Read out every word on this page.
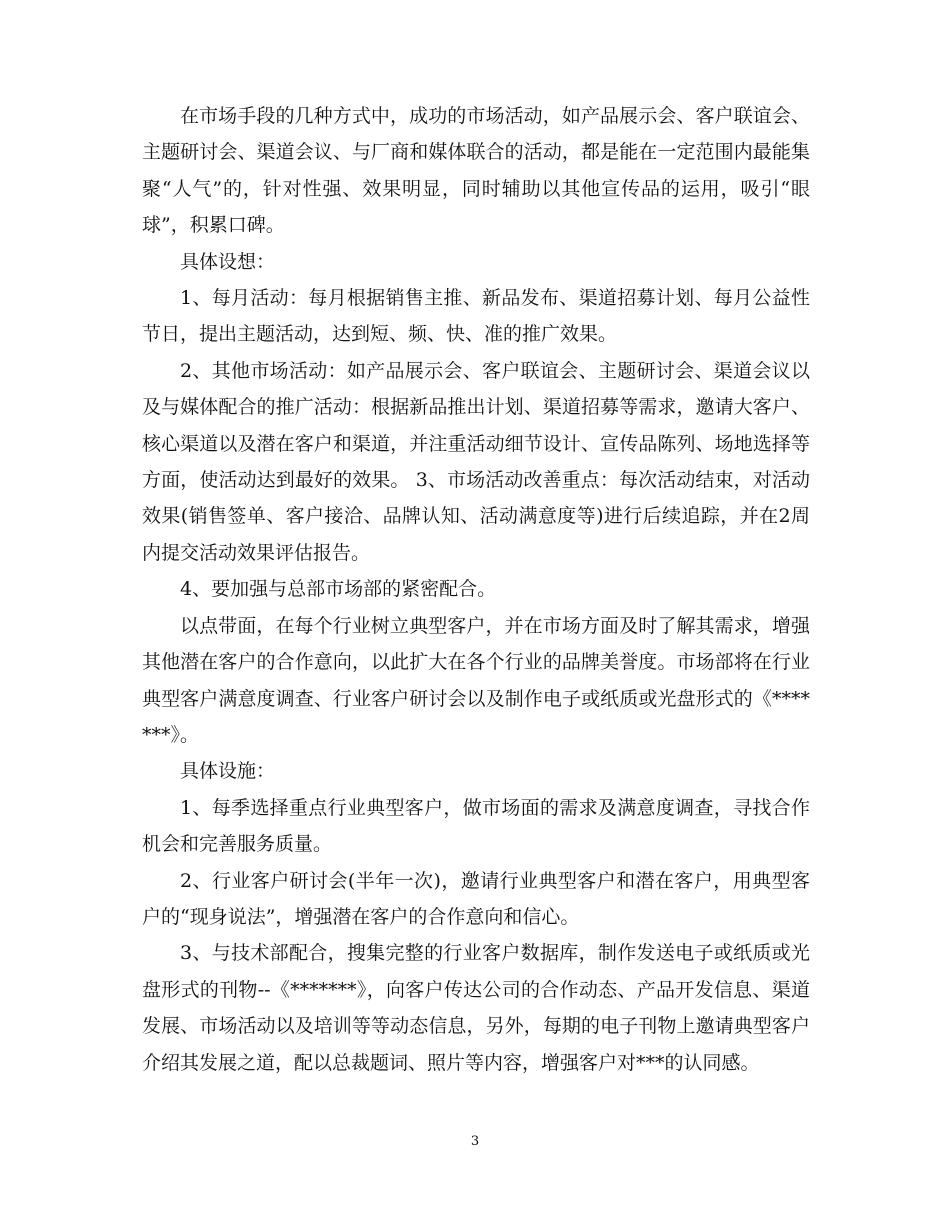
在市场手段的几种方式中，成功的市场活动，如产品展示会、客户联谊会、主题研讨会、渠道会议、与厂商和媒体联合的活动，都是能在一定范围内最能集聚“人气”的，针对性强、效果明显，同时辅助以其他宣传品的运用，吸引“眼球”，积累口碑。

具体设想：

1、每月活动：每月根据销售主推、新品发布、渠道招募计划、每月公益性节日，提出主题活动，达到短、频、快、准的推广效果。

2、其他市场活动：如产品展示会、客户联谊会、主题研讨会、渠道会议以及与媒体配合的推广活动：根据新品推出计划、渠道招募等需求，邀请大客户、核心渠道以及潜在客户和渠道，并注重活动细节设计、宣传品陈列、场地选择等方面，使活动达到最好的效果。 3、市场活动改善重点：每次活动结束，对活动效果(销售签单、客户接洽、品牌认知、活动满意度等)进行后续追踪，并在2周内提交活动效果评估报告。

4、要加强与总部市场部的紧密配合。

以点带面，在每个行业树立典型客户，并在市场方面及时了解其需求，增强其他潜在客户的合作意向，以此扩大在各个行业的品牌美誉度。市场部将在行业典型客户满意度调查、行业客户研讨会以及制作电子或纸质或光盘形式的《*******》。

具体设施：

1、每季选择重点行业典型客户，做市场面的需求及满意度调查，寻找合作机会和完善服务质量。

2、行业客户研讨会(半年一次)，邀请行业典型客户和潜在客户，用典型客户的“现身说法”，增强潜在客户的合作意向和信心。

3、与技术部配合，搜集完整的行业客户数据库，制作发送电子或纸质或光盘形式的刊物--《*******》，向客户传达公司的合作动态、产品开发信息、渠道发展、市场活动以及培训等等动态信息，另外，每期的电子刊物上邀请典型客户介绍其发展之道，配以总裁题词、照片等内容，增强客户对***的认同感。

3
